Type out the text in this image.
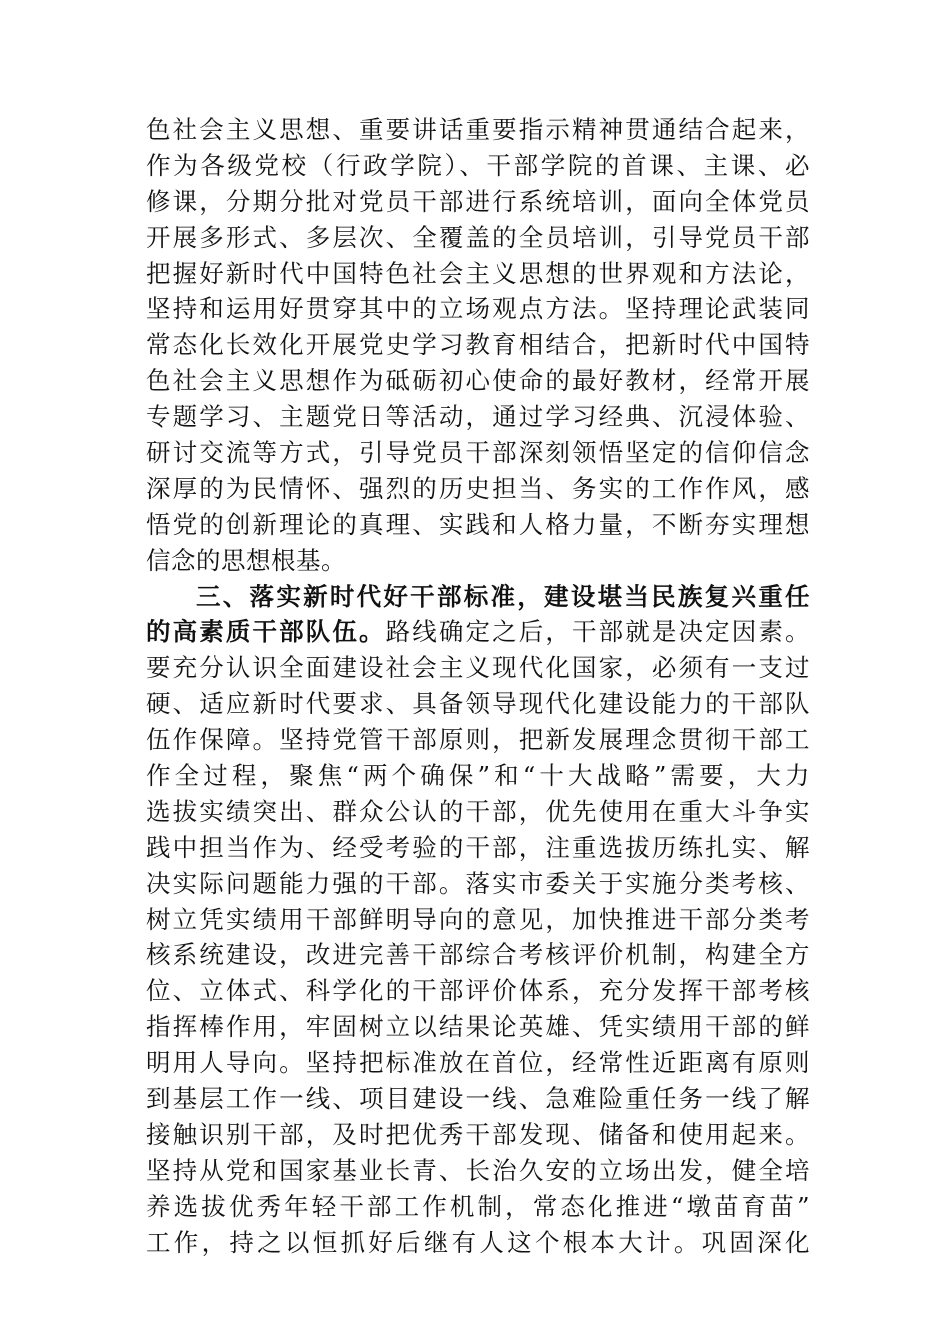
色社会主义思想、重要讲话重要指示精神贯通结合起来，
作为各级党校（行政学院）、干部学院的首课、主课、必
修课，分期分批对党员干部进行系统培训，面向全体党员
开展多形式、多层次、全覆盖的全员培训，引导党员干部
把握好新时代中国特色社会主义思想的世界观和方法论，
坚持和运用好贯穿其中的立场观点方法。坚持理论武装同
常态化长效化开展党史学习教育相结合，把新时代中国特
色社会主义思想作为砥砺初心使命的最好教材，经常开展
专题学习、主题党日等活动，通过学习经典、沉浸体验、
研讨交流等方式，引导党员干部深刻领悟坚定的信仰信念
深厚的为民情怀、强烈的历史担当、务实的工作作风，感
悟党的创新理论的真理、实践和人格力量，不断夯实理想
信念的思想根基。
三、落实新时代好干部标准，建设堪当民族复兴重任
的高素质干部队伍。路线确定之后，干部就是决定因素。
要充分认识全面建设社会主义现代化国家，必须有一支过
硬、适应新时代要求、具备领导现代化建设能力的干部队
伍作保障。坚持党管干部原则，把新发展理念贯彻干部工
作全过程，聚焦“两个确保”和“十大战略”需要，大力
选拔实绩突出、群众公认的干部，优先使用在重大斗争实
践中担当作为、经受考验的干部，注重选拔历练扎实、解
决实际问题能力强的干部。落实市委关于实施分类考核、
树立凭实绩用干部鲜明导向的意见，加快推进干部分类考
核系统建设，改进完善干部综合考核评价机制，构建全方
位、立体式、科学化的干部评价体系，充分发挥干部考核
指挥棒作用，牢固树立以结果论英雄、凭实绩用干部的鲜
明用人导向。坚持把标准放在首位，经常性近距离有原则
到基层工作一线、项目建设一线、急难险重任务一线了解
接触识别干部，及时把优秀干部发现、储备和使用起来。
坚持从党和国家基业长青、长治久安的立场出发，健全培
养选拔优秀年轻干部工作机制，常态化推进“墩苗育苗”
工作，持之以恒抓好后继有人这个根本大计。巩固深化
